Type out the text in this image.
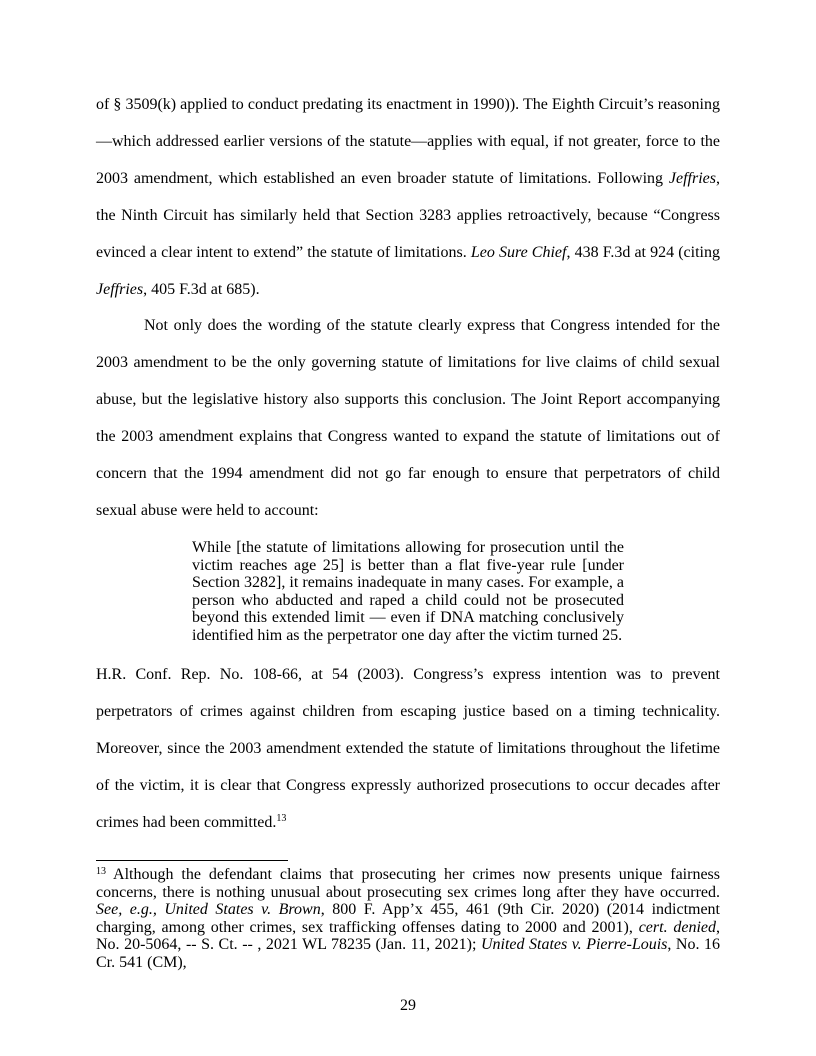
of § 3509(k) applied to conduct predating its enactment in 1990)). The Eighth Circuit’s reasoning—which addressed earlier versions of the statute—applies with equal, if not greater, force to the 2003 amendment, which established an even broader statute of limitations. Following Jeffries, the Ninth Circuit has similarly held that Section 3283 applies retroactively, because “Congress evinced a clear intent to extend” the statute of limitations. Leo Sure Chief, 438 F.3d at 924 (citing Jeffries, 405 F.3d at 685).

Not only does the wording of the statute clearly express that Congress intended for the 2003 amendment to be the only governing statute of limitations for live claims of child sexual abuse, but the legislative history also supports this conclusion. The Joint Report accompanying the 2003 amendment explains that Congress wanted to expand the statute of limitations out of concern that the 1994 amendment did not go far enough to ensure that perpetrators of child sexual abuse were held to account:

While [the statute of limitations allowing for prosecution until the victim reaches age 25] is better than a flat five-year rule [under Section 3282], it remains inadequate in many cases. For example, a person who abducted and raped a child could not be prosecuted beyond this extended limit — even if DNA matching conclusively identified him as the perpetrator one day after the victim turned 25.

H.R. Conf. Rep. No. 108-66, at 54 (2003). Congress’s express intention was to prevent perpetrators of crimes against children from escaping justice based on a timing technicality. Moreover, since the 2003 amendment extended the statute of limitations throughout the lifetime of the victim, it is clear that Congress expressly authorized prosecutions to occur decades after crimes had been committed.$^{13}$

$^{13}$ Although the defendant claims that prosecuting her crimes now presents unique fairness concerns, there is nothing unusual about prosecuting sex crimes long after they have occurred. See, e.g., United States v. Brown, 800 F. App’x 455, 461 (9th Cir. 2020) (2014 indictment charging, among other crimes, sex trafficking offenses dating to 2000 and 2001), cert. denied, No. 20-5064, -- S. Ct. -- , 2021 WL 78235 (Jan. 11, 2021); United States v. Pierre-Louis, No. 16 Cr. 541 (CM),
29
